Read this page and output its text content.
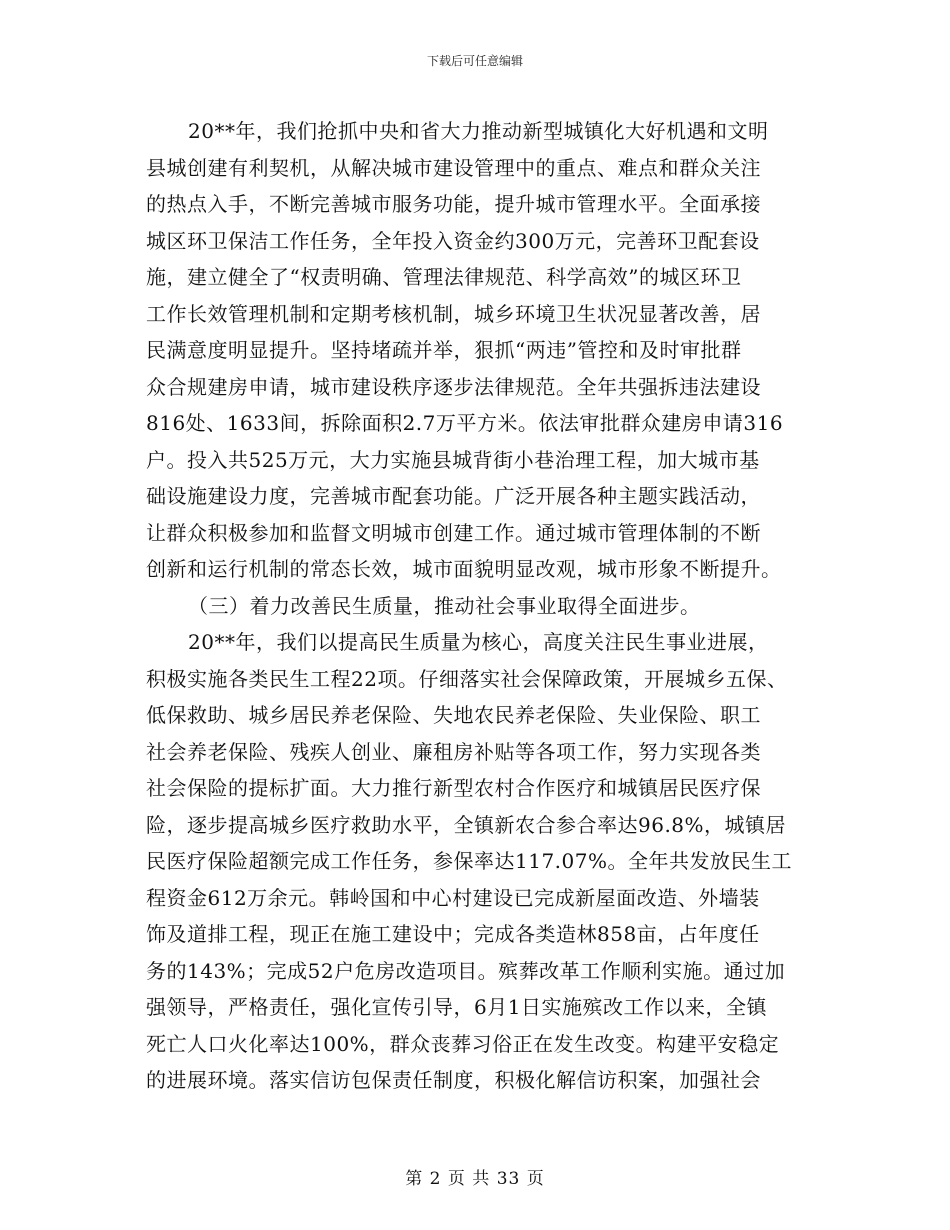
下载后可任意编辑
20**年，我们抢抓中央和省大力推动新型城镇化大好机遇和文明
县城创建有利契机，从解决城市建设管理中的重点、难点和群众关注
的热点入手，不断完善城市服务功能，提升城市管理水平。全面承接
城区环卫保洁工作任务，全年投入资金约300万元，完善环卫配套设
施，建立健全了“权责明确、管理法律规范、科学高效”的城区环卫
工作长效管理机制和定期考核机制，城乡环境卫生状况显著改善，居
民满意度明显提升。坚持堵疏并举，狠抓“两违”管控和及时审批群
众合规建房申请，城市建设秩序逐步法律规范。全年共强拆违法建设
816处、1633间，拆除面积2.7万平方米。依法审批群众建房申请316
户。投入共525万元，大力实施县城背街小巷治理工程，加大城市基
础设施建设力度，完善城市配套功能。广泛开展各种主题实践活动，
让群众积极参加和监督文明城市创建工作。通过城市管理体制的不断
创新和运行机制的常态长效，城市面貌明显改观，城市形象不断提升。
（三）着力改善民生质量，推动社会事业取得全面进步。
20**年，我们以提高民生质量为核心，高度关注民生事业进展，
积极实施各类民生工程22项。仔细落实社会保障政策，开展城乡五保、
低保救助、城乡居民养老保险、失地农民养老保险、失业保险、职工
社会养老保险、残疾人创业、廉租房补贴等各项工作，努力实现各类
社会保险的提标扩面。大力推行新型农村合作医疗和城镇居民医疗保
险，逐步提高城乡医疗救助水平，全镇新农合参合率达96.8%，城镇居
民医疗保险超额完成工作任务，参保率达117.07%。全年共发放民生工
程资金612万余元。韩岭国和中心村建设已完成新屋面改造、外墙装
饰及道排工程，现正在施工建设中；完成各类造林858亩，占年度任
务的143%；完成52户危房改造项目。殡葬改革工作顺利实施。通过加
强领导，严格责任，强化宣传引导，6月1日实施殡改工作以来，全镇
死亡人口火化率达100%，群众丧葬习俗正在发生改变。构建平安稳定
的进展环境。落实信访包保责任制度，积极化解信访积案，加强社会
第 2 页 共 33 页
